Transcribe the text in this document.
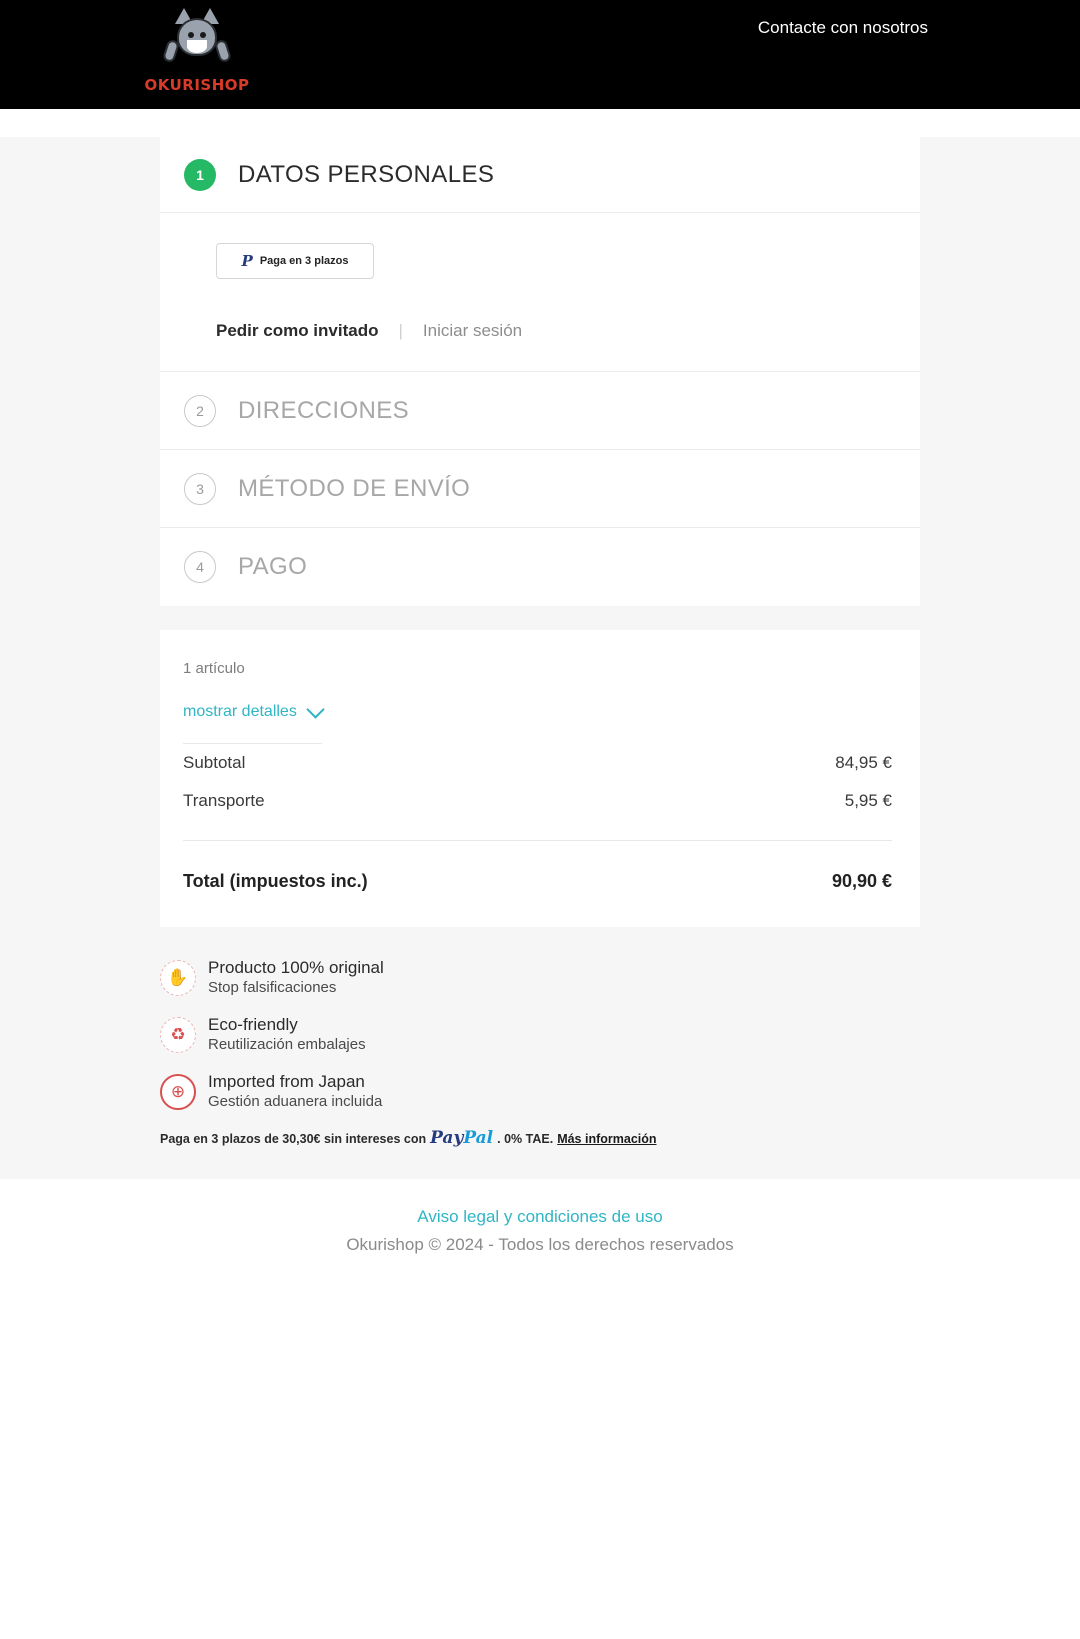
OKURISHOP
Contacte con nosotros
1	DATOS PERSONALES
P Paga en 3 plazos
Pedir como invitado | Iniciar sesión
2	DIRECCIONES
3	MÉTODO DE ENVÍO
4	PAGO
1 artículo
mostrar detalles
Subtotal	84,95 €
Transporte	5,95 €
Total (impuestos inc.)	90,90 €
✋	Producto 100% original
Stop falsificaciones
♻	Eco-friendly
Reutilización embalajes
⊕	Imported from Japan
Gestión aduanera incluida
Paga en 3 plazos de 30,30€ sin intereses con PayPal . 0% TAE. Más información
Aviso legal y condiciones de uso
Okurishop © 2024 - Todos los derechos reservados
